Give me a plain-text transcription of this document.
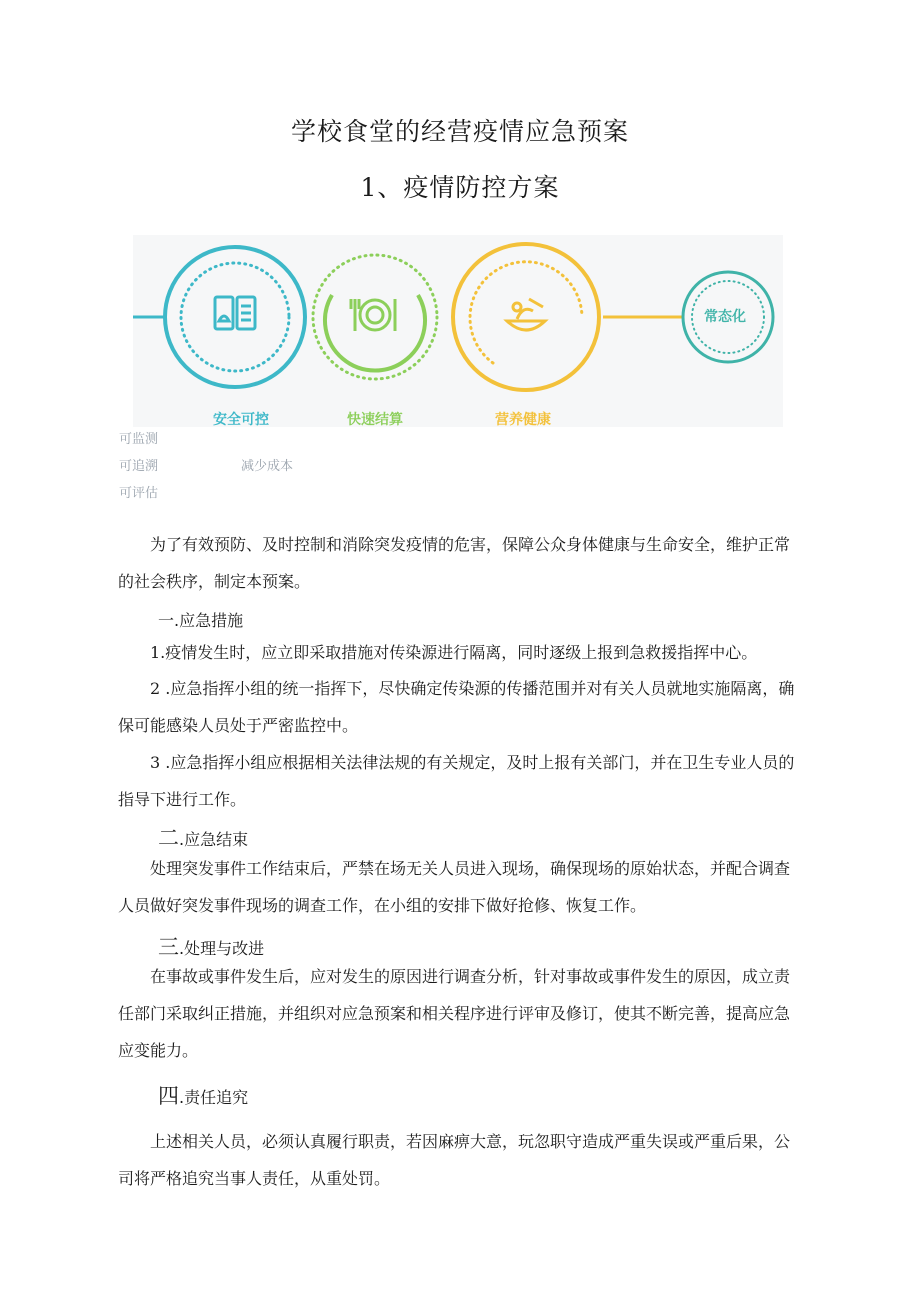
学校食堂的经营疫情应急预案
1、疫情防控方案
常态化
安全可控	快速结算	营养健康
可监测
可追溯
可评估
减少成本
为了有效预防、及时控制和消除突发疫情的危害，保障公众身体健康与生命安全，维护正常的社会秩序，制定本预案。
一.应急措施
1.疫情发生时，应立即采取措施对传染源进行隔离，同时逐级上报到急救援指挥中心。
2 .应急指挥小组的统一指挥下，尽快确定传染源的传播范围并对有关人员就地实施隔离，确保可能感染人员处于严密监控中。
3 .应急指挥小组应根据相关法律法规的有关规定，及时上报有关部门，并在卫生专业人员的指导下进行工作。
二.应急结束
处理突发事件工作结束后，严禁在场无关人员进入现场，确保现场的原始状态，并配合调查人员做好突发事件现场的调查工作，在小组的安排下做好抢修、恢复工作。
三.处理与改进
在事故或事件发生后，应对发生的原因进行调查分析，针对事故或事件发生的原因，成立责任部门采取纠正措施，并组织对应急预案和相关程序进行评审及修订，使其不断完善，提高应急应变能力。
四.责任追究
上述相关人员，必须认真履行职责，若因麻痹大意，玩忽职守造成严重失误或严重后果，公司将严格追究当事人责任，从重处罚。
